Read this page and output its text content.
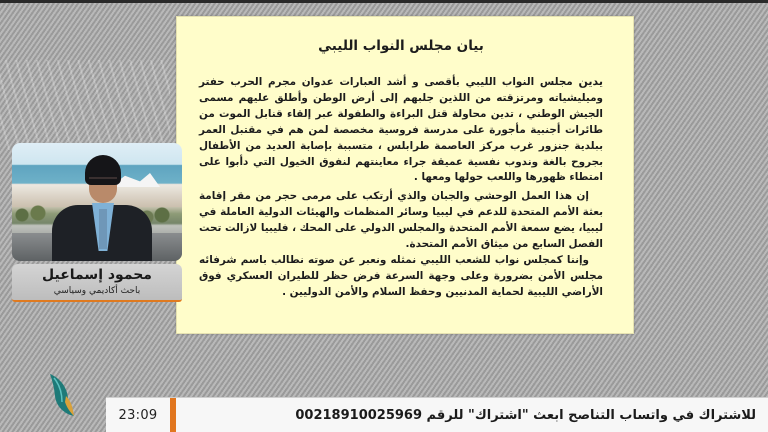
بيان مجلس النواب الليبي

يدين مجلس النواب الليبي بأقصى و أشد العبارات عدوان مجرم الحرب حفتر وميليشياته ومرتزقته من اللذين جلبهم إلى أرض الوطن وأطلق عليهم مسمى الجيش الوطني ، تدين محاولة قتل البراءة والطفولة عبر إلقاء قنابل الموت من طائرات أجنبية مأجورة على مدرسة فروسية مخصصة لمن هم في مقتبل العمر ببلدية جنزور غرب مركز العاصمة طرابلس ، متسببة بإصابة العديد من الأطفال بجروح بالغة وندوب نفسية عميقة جراء معاينتهم لنفوق الخيول التي دأبوا على امتطاء ظهورها واللعب حولها ومعها .

إن هذا العمل الوحشي والجبان والذي أرتكب على مرمى حجر من مقر إقامة بعثة الأمم المتحدة للدعم في ليبيا وسائر المنظمات والهيئات الدولية العاملة في ليبيا، يضع سمعة الأمم المتحدة والمجلس الدولي على المحك ، فليبيا لازالت تحت الفصل السابع من ميثاق الأمم المتحدة.

وإننا كمجلس نواب للشعب الليبي نمثله ونعبر عن صوته نطالب باسم شرفائه مجلس الأمن بضرورة وعلى وجهة السرعة فرض حظر للطيران العسكري فوق الأراضي الليبية لحماية المدنيين وحفظ السلام والأمن الدوليين .

محمود إسماعيل
باحث أكاديمي وسياسي
23:09	للاشتراك في واتساب التناصح ابعث "اشتراك" للرقم 00218910025969
